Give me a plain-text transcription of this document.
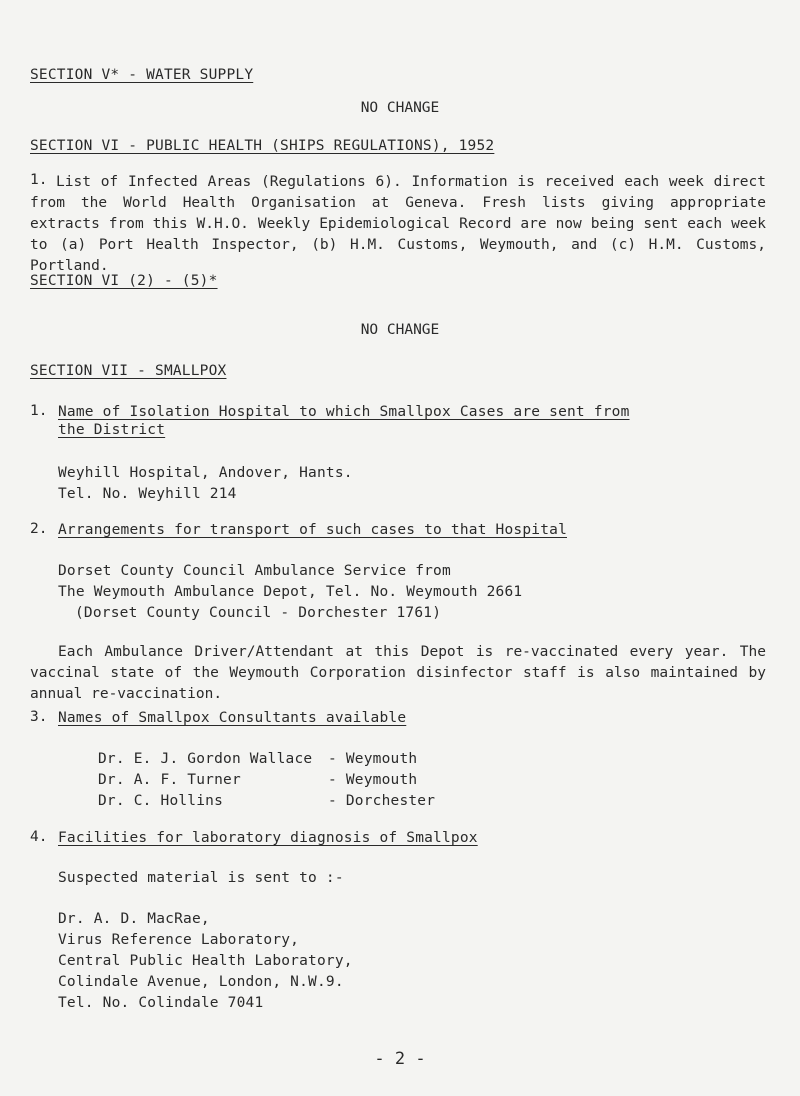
SECTION V* - WATER SUPPLY
NO CHANGE
SECTION VI - PUBLIC HEALTH (SHIPS REGULATIONS), 1952
1. List of Infected Areas (Regulations 6). Information is received each week direct from the World Health Organisation at Geneva. Fresh lists giving appropriate extracts from this W.H.O. Weekly Epidemiological Record are now being sent each week to (a) Port Health Inspector, (b) H.M. Customs, Weymouth, and (c) H.M. Customs, Portland.
SECTION VI (2) - (5)*
NO CHANGE
SECTION VII - SMALLPOX
1. Name of Isolation Hospital to which Smallpox Cases are sent from
the District
Weyhill Hospital, Andover, Hants.
Tel. No. Weyhill 214
2. Arrangements for transport of such cases to that Hospital
Dorset County Council Ambulance Service from
The Weymouth Ambulance Depot, Tel. No. Weymouth 2661
(Dorset County Council - Dorchester 1761)
Each Ambulance Driver/Attendant at this Depot is re-vaccinated every year. The vaccinal state of the Weymouth Corporation disinfector staff is also maintained by annual re-vaccination.
3. Names of Smallpox Consultants available
Dr. E. J. Gordon Wallace - Weymouth
Dr. A. F. Turner	- Weymouth
Dr. C. Hollins	- Dorchester
4. Facilities for laboratory diagnosis of Smallpox
Suspected material is sent to :-
Dr. A. D. MacRae,
Virus Reference Laboratory,
Central Public Health Laboratory,
Colindale Avenue, London, N.W.9.
Tel. No. Colindale 7041
- 2 -
